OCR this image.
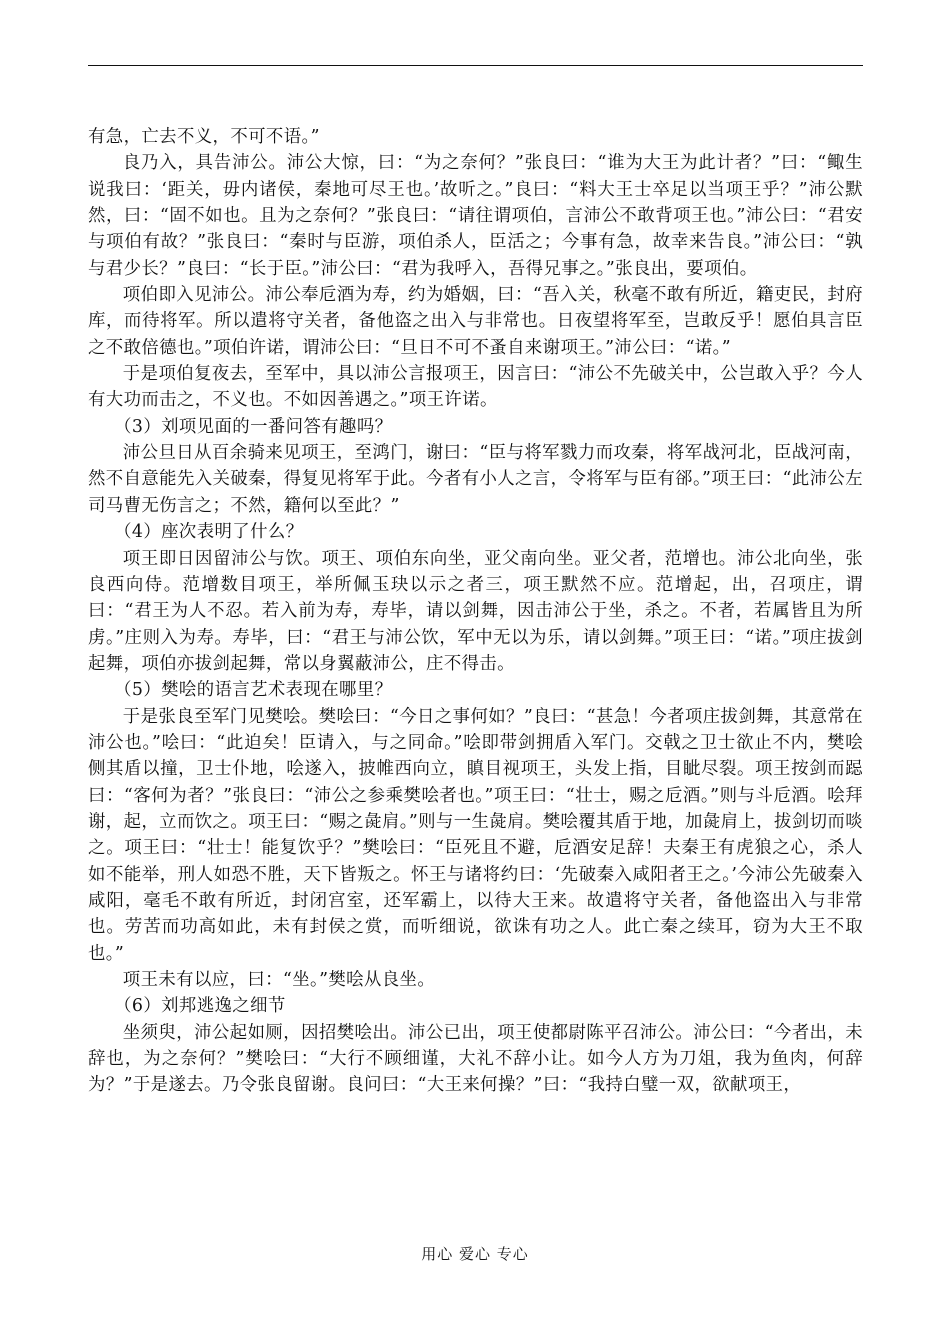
有急，亡去不义，不可不语。”

良乃入，具告沛公。沛公大惊，曰：“为之奈何？”张良曰：“谁为大王为此计者？”曰：“鲰生说我曰：‘距关，毋内诸侯，秦地可尽王也。’故听之。”良曰：“料大王士卒足以当项王乎？”沛公默然，曰：“固不如也。且为之奈何？”张良曰：“请往谓项伯，言沛公不敢背项王也。”沛公曰：“君安与项伯有故？”张良曰：“秦时与臣游，项伯杀人，臣活之；今事有急，故幸来告良。”沛公曰：“孰与君少长？”良曰：“长于臣。”沛公曰：“君为我呼入，吾得兄事之。”张良出，要项伯。

项伯即入见沛公。沛公奉卮酒为寿，约为婚姻，曰：“吾入关，秋毫不敢有所近，籍吏民，封府库，而待将军。所以遣将守关者，备他盗之出入与非常也。日夜望将军至，岂敢反乎！愿伯具言臣之不敢倍德也。”项伯许诺，谓沛公曰：“旦日不可不蚤自来谢项王。”沛公曰：“诺。”

于是项伯复夜去，至军中，具以沛公言报项王，因言曰：“沛公不先破关中，公岂敢入乎？今人有大功而击之，不义也。不如因善遇之。”项王许诺。

（3）刘项见面的一番问答有趣吗？

沛公旦日从百余骑来见项王，至鸿门，谢曰：“臣与将军戮力而攻秦，将军战河北，臣战河南，然不自意能先入关破秦，得复见将军于此。今者有小人之言，令将军与臣有郤。”项王曰：“此沛公左司马曹无伤言之；不然，籍何以至此？”

（4）座次表明了什么？

项王即日因留沛公与饮。项王、项伯东向坐，亚父南向坐。亚父者，范增也。沛公北向坐，张良西向侍。范增数目项王，举所佩玉玦以示之者三，项王默然不应。范增起，出，召项庄，谓曰：“君王为人不忍。若入前为寿，寿毕，请以剑舞，因击沛公于坐，杀之。不者，若属皆且为所虏。”庄则入为寿。寿毕，曰：“君王与沛公饮，军中无以为乐，请以剑舞。”项王曰：“诺。”项庄拔剑起舞，项伯亦拔剑起舞，常以身翼蔽沛公，庄不得击。

（5）樊哙的语言艺术表现在哪里？

于是张良至军门见樊哙。樊哙曰：“今日之事何如？”良曰：“甚急！今者项庄拔剑舞，其意常在沛公也。”哙曰：“此迫矣！臣请入，与之同命。”哙即带剑拥盾入军门。交戟之卫士欲止不内，樊哙侧其盾以撞，卫士仆地，哙遂入，披帷西向立，瞋目视项王，头发上指，目眦尽裂。项王按剑而跽曰：“客何为者？”张良曰：“沛公之参乘樊哙者也。”项王曰：“壮士，赐之卮酒。”则与斗卮酒。哙拜谢，起，立而饮之。项王曰：“赐之彘肩。”则与一生彘肩。樊哙覆其盾于地，加彘肩上，拔剑切而啖之。项王曰：“壮士！能复饮乎？”樊哙曰：“臣死且不避，卮酒安足辞！夫秦王有虎狼之心，杀人如不能举，刑人如恐不胜，天下皆叛之。怀王与诸将约曰：‘先破秦入咸阳者王之。’今沛公先破秦入咸阳，毫毛不敢有所近，封闭宫室，还军霸上，以待大王来。故遣将守关者，备他盗出入与非常也。劳苦而功高如此，未有封侯之赏，而听细说，欲诛有功之人。此亡秦之续耳，窃为大王不取也。”

项王未有以应，曰：“坐。”樊哙从良坐。

（6）刘邦逃逸之细节

坐须臾，沛公起如厕，因招樊哙出。沛公已出，项王使都尉陈平召沛公。沛公曰：“今者出，未辞也，为之奈何？”樊哙曰：“大行不顾细谨，大礼不辞小让。如今人方为刀俎，我为鱼肉，何辞为？”于是遂去。乃令张良留谢。良问曰：“大王来何操？”曰：“我持白璧一双，欲献项王，

用心 爱心 专心
